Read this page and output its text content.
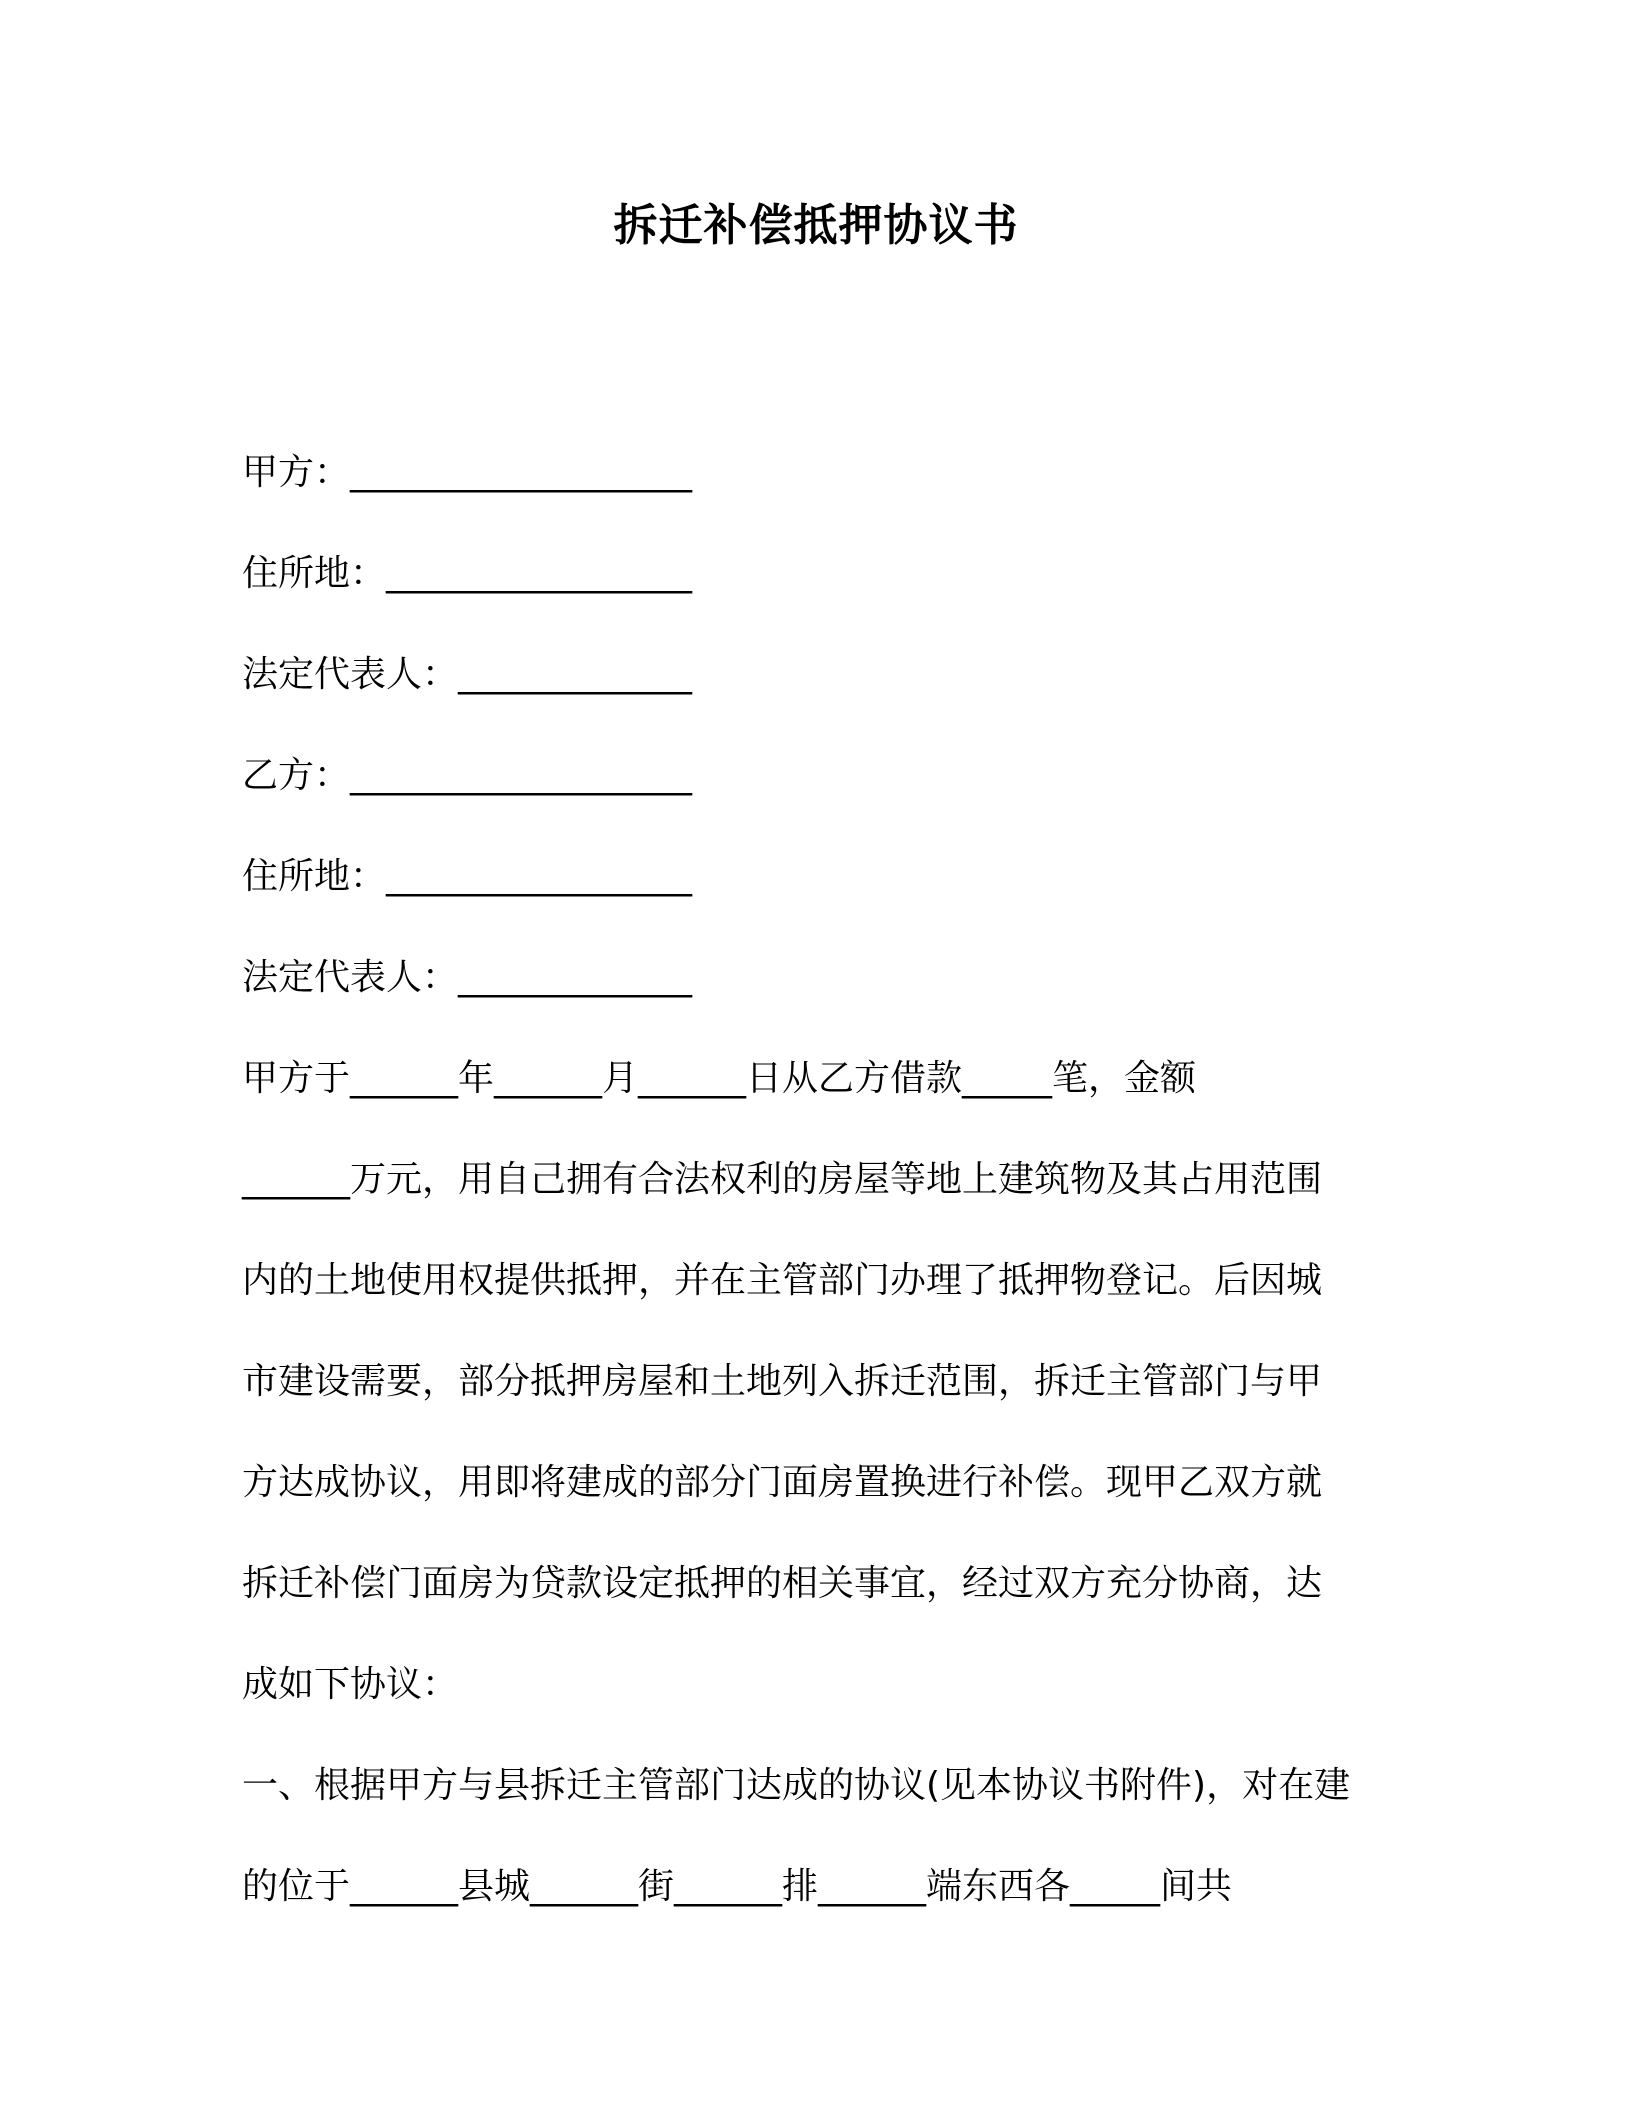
拆迁补偿抵押协议书
甲方：___________________
住所地：_________________
法定代表人：_____________
乙方：___________________
住所地：_________________
法定代表人：_____________
甲方于______年______月______日从乙方借款_____笔，金额
______万元，用自己拥有合法权利的房屋等地上建筑物及其占用范围
内的土地使用权提供抵押，并在主管部门办理了抵押物登记。后因城
市建设需要，部分抵押房屋和土地列入拆迁范围，拆迁主管部门与甲
方达成协议，用即将建成的部分门面房置换进行补偿。现甲乙双方就
拆迁补偿门面房为贷款设定抵押的相关事宜，经过双方充分协商，达
成如下协议：
一、根据甲方与县拆迁主管部门达成的协议(见本协议书附件)，对在建
的位于______县城______街______排______端东西各_____间共
